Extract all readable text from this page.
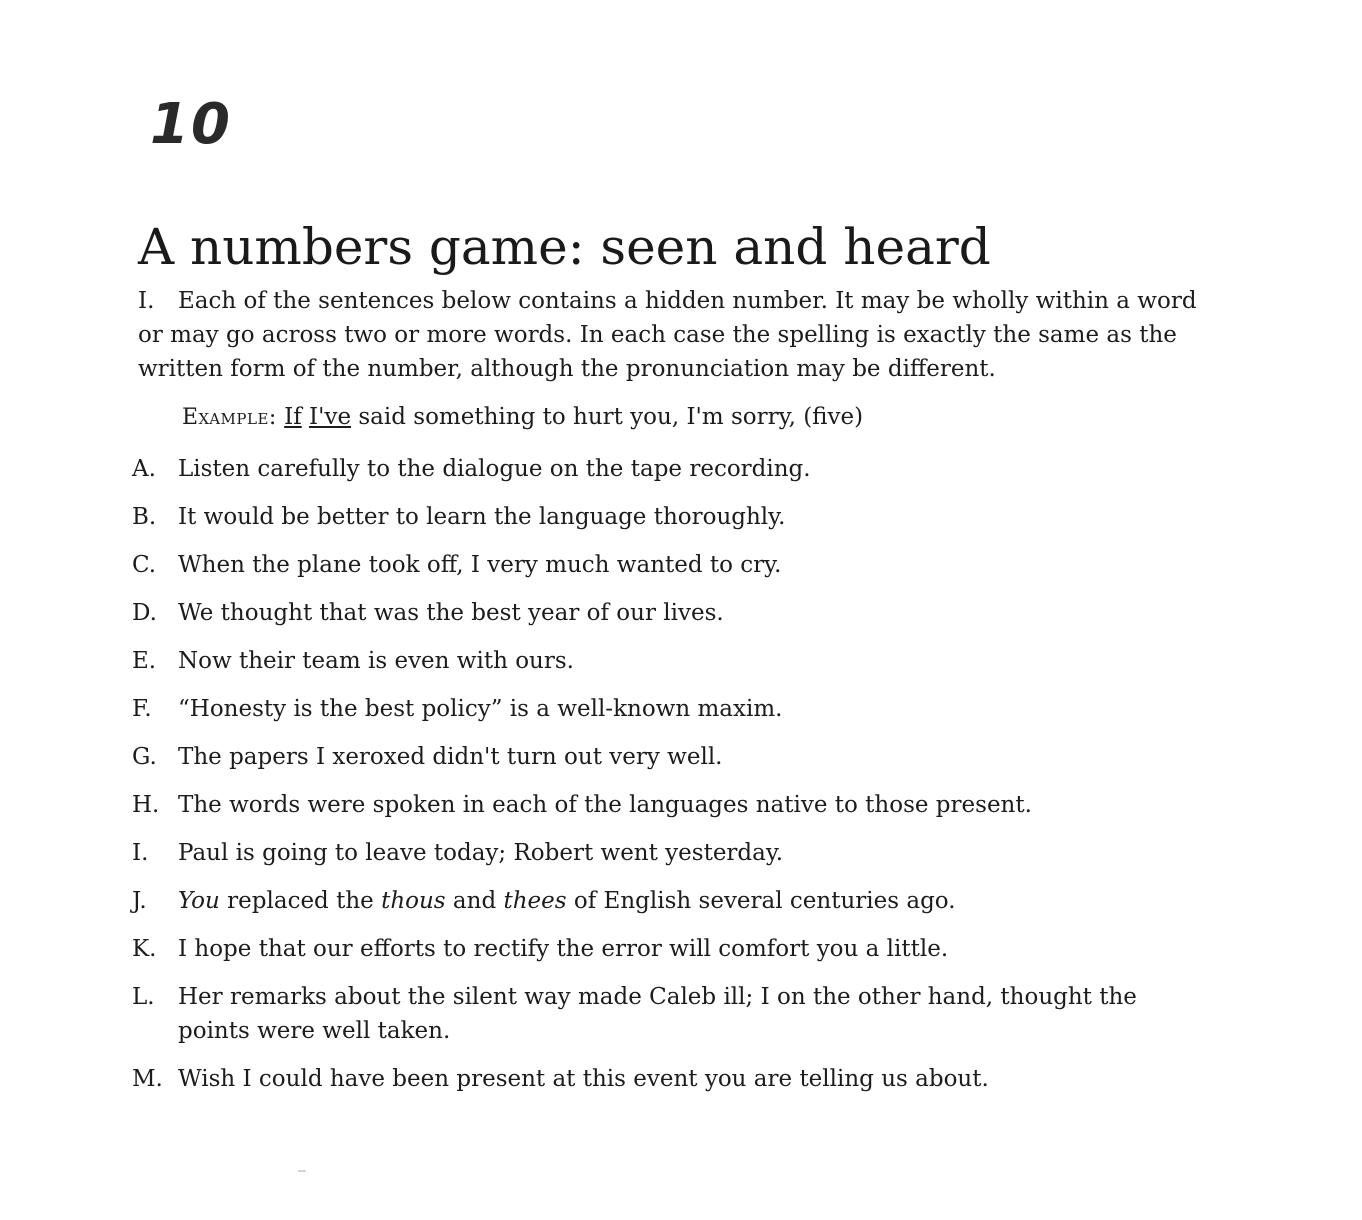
10
A numbers game: seen and heard
I. Each of the sentences below contains a hidden number. It may be wholly within a word or may go across two or more words. In each case the spelling is exactly the same as the written form of the number, although the pronunciation may be different.
Example: If I've said something to hurt you, I'm sorry, (five)
A. Listen carefully to the dialogue on the tape recording.
B. It would be better to learn the language thoroughly.
C. When the plane took off, I very much wanted to cry.
D. We thought that was the best year of our lives.
E. Now their team is even with ours.
F.	“Honesty is the best policy” is a well-known maxim.
G. The papers I xeroxed didn't turn out very well.
H. The words were spoken in each of the languages native to those present.
I.	Paul is going to leave today; Robert went yesterday.
J.	You replaced the thous and thees of English several centuries ago.
K. I hope that our efforts to rectify the error will comfort you a little.
L.	Her remarks about the silent way made Caleb ill; I on the other hand, thought the points were well taken.
M. Wish I could have been present at this event you are telling us about.
